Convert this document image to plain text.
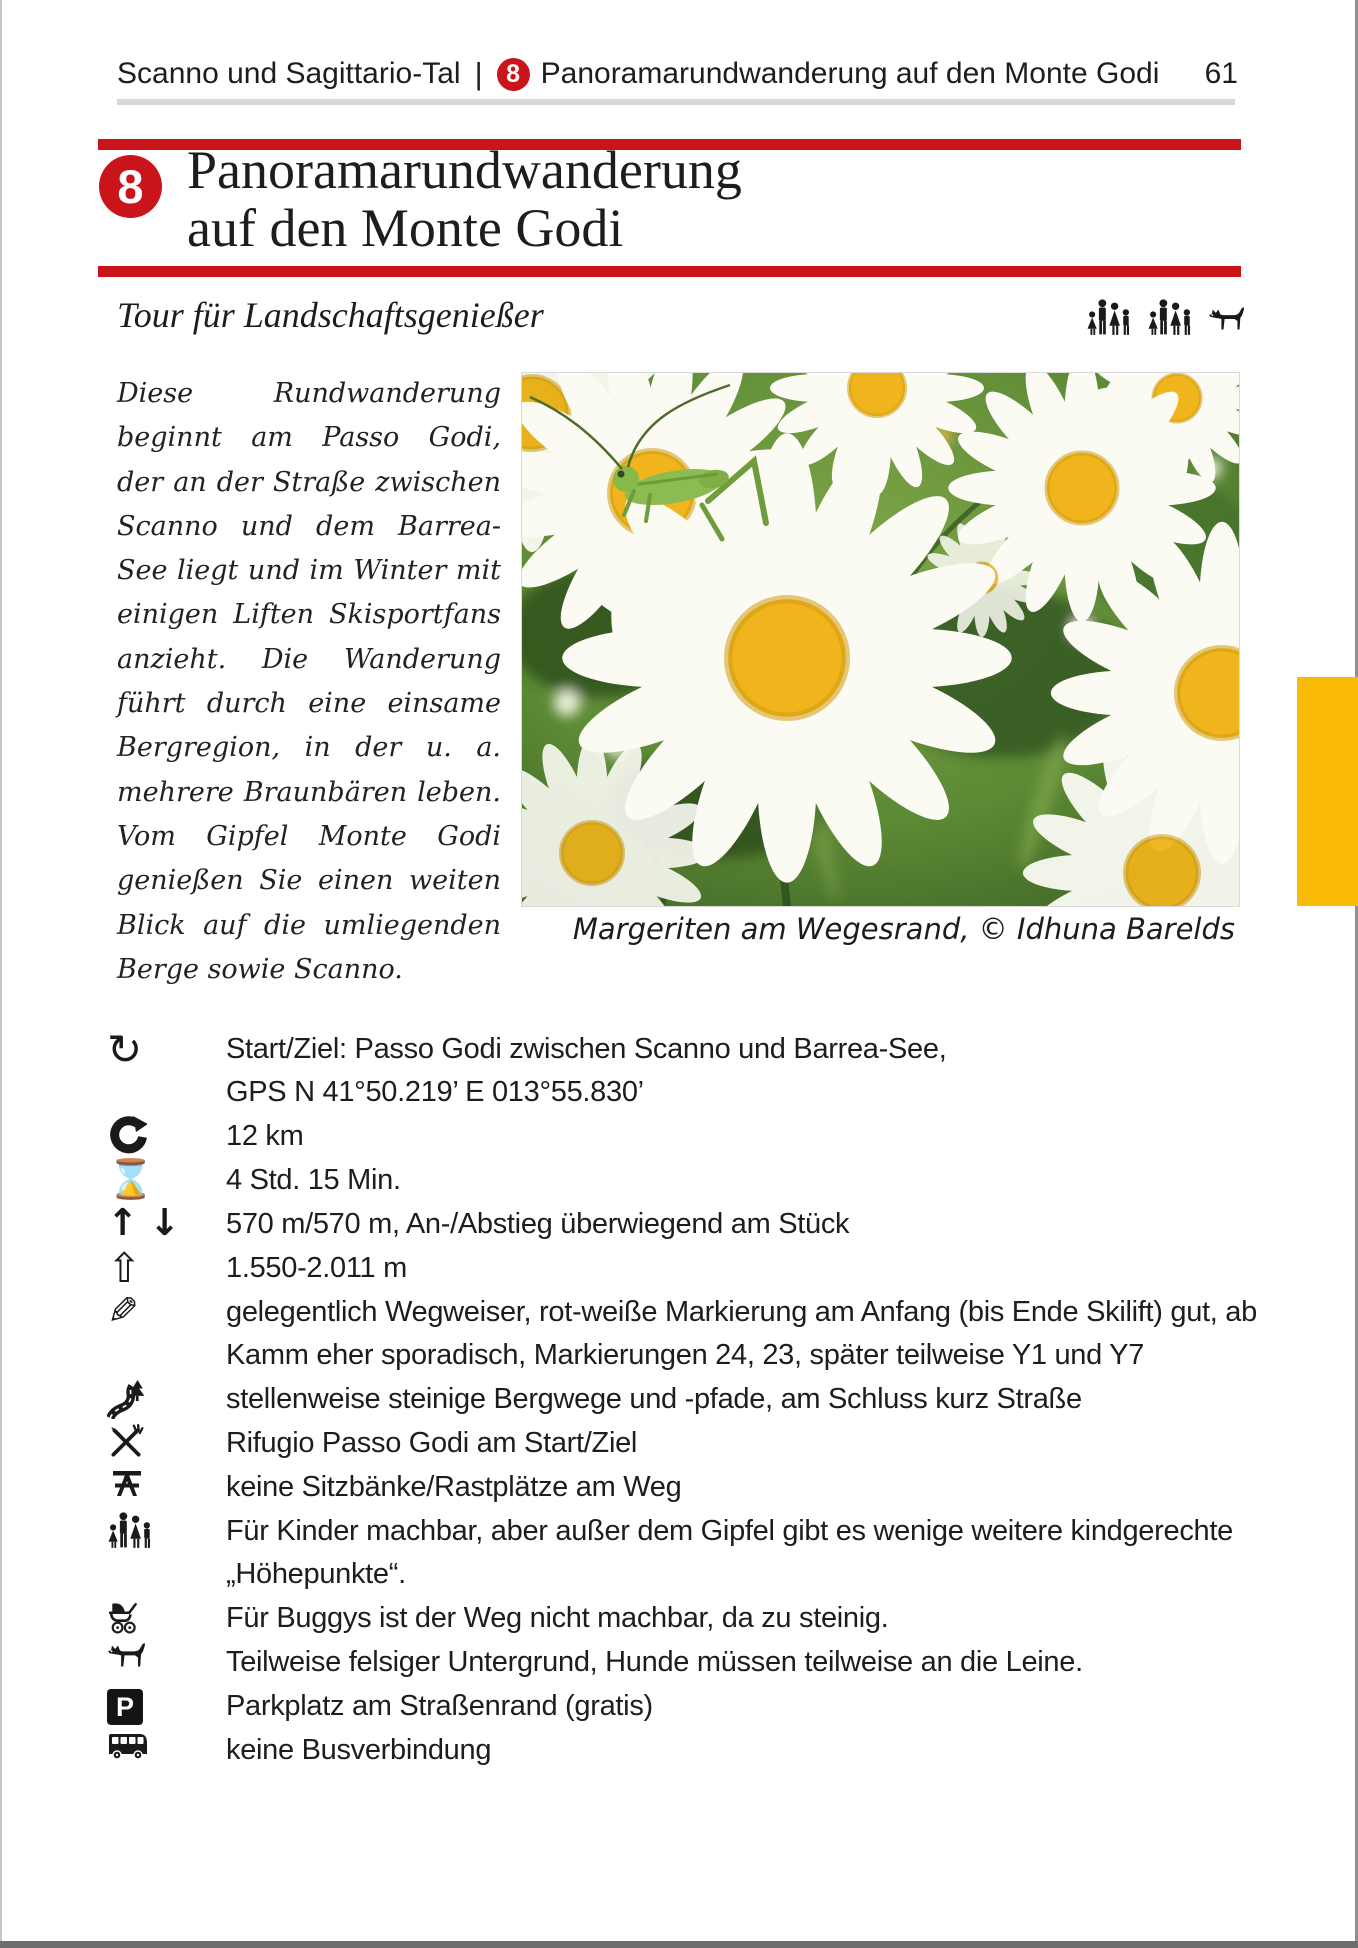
Scanno und Sagittario-Tal | 8 Panoramarundwanderung auf den Monte Godi	61
8 Panoramarundwanderung
auf den Monte Godi
Tour für Landschaftsgenießer
Diese Rundwanderung
beginnt am Passo Godi,
der an der Straße zwischen
Scanno und dem Barrea-
See liegt und im Winter mit
einigen Liften Skisportfans
anzieht. Die Wanderung
führt durch eine einsame
Bergregion, in der u. a.
mehrere Braunbären leben.
Vom Gipfel Monte Godi
genießen Sie einen weiten
Blick auf die umliegenden
Berge sowie Scanno.
Margeriten am Wegesrand, © Idhuna Barelds
↻	Start/Ziel: Passo Godi zwischen Scanno und Barrea-See,
GPS N 41°50.219’ E 013°55.830’
12 km
⌛ 4 Std. 15 Min.
↑ ↓ 570 m/570 m, An-/Abstieg überwiegend am Stück
⇧	1.550-2.011 m
✎	gelegentlich Wegweiser, rot-weiße Markierung am Anfang (bis Ende Skilift) gut, ab
Kamm eher sporadisch, Markierungen 24, 23, später teilweise Y1 und Y7
stellenweise steinige Bergwege und -pfade, am Schluss kurz Straße
Rifugio Passo Godi am Start/Ziel
keine Sitzbänke/Rastplätze am Weg
Für Kinder machbar, aber außer dem Gipfel gibt es wenige weitere kindgerechte
„Höhepunkte“.
Für Buggys ist der Weg nicht machbar, da zu steinig.
Teilweise felsiger Untergrund, Hunde müssen teilweise an die Leine.
P	Parkplatz am Straßenrand (gratis)
keine Busverbindung
